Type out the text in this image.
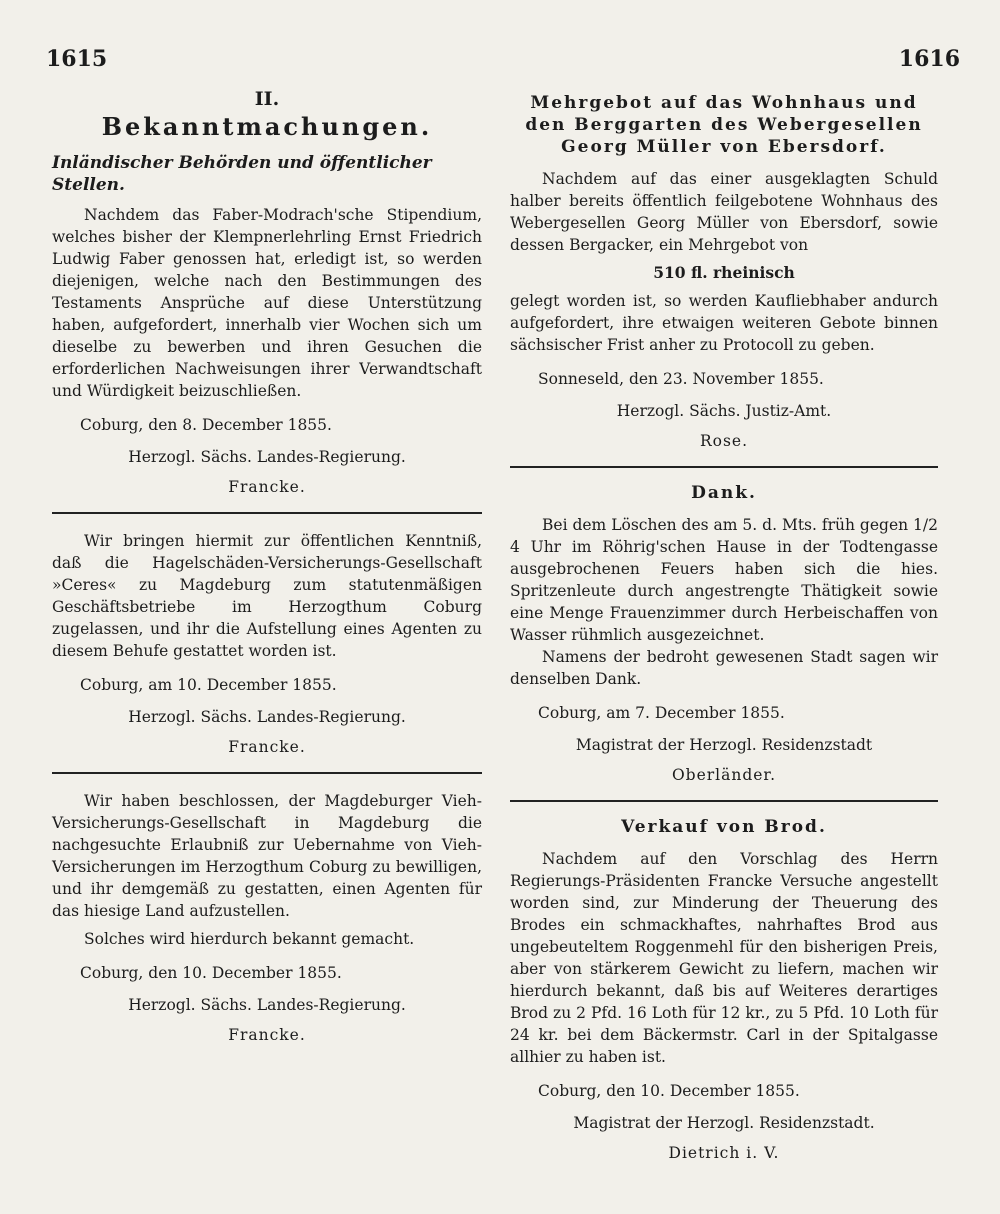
1615	1616
II.
Bekanntmachungen.
Inländischer Behörden und öffentlicher Stellen.

Nachdem das Faber-Modrach'sche Stipendium, welches bisher der Klempnerlehrling Ernst Friedrich Ludwig Faber genossen hat, erledigt ist, so werden diejenigen, welche nach den Bestimmungen des Testaments Ansprüche auf diese Unterstützung haben, aufgefordert, innerhalb vier Wochen sich um dieselbe zu bewerben und ihren Gesuchen die erforderlichen Nachweisungen ihrer Verwandtschaft und Würdigkeit beizuschließen.

Coburg, den 8. December 1855.

Herzogl. Sächs. Landes-Regierung.

Francke.

Wir bringen hiermit zur öffentlichen Kenntniß, daß die Hagelschäden-Versicherungs-Gesellschaft »Ceres« zu Magdeburg zum statutenmäßigen Geschäftsbetriebe im Herzogthum Coburg zugelassen, und ihr die Aufstellung eines Agenten zu diesem Behufe gestattet worden ist.

Coburg, am 10. December 1855.

Herzogl. Sächs. Landes-Regierung.

Francke.

Wir haben beschlossen, der Magdeburger Vieh-Versicherungs-Gesellschaft in Magdeburg die nachgesuchte Erlaubniß zur Uebernahme von Vieh-Versicherungen im Herzogthum Coburg zu bewilligen, und ihr demgemäß zu gestatten, einen Agenten für das hiesige Land aufzustellen.

Solches wird hierdurch bekannt gemacht.

Coburg, den 10. December 1855.

Herzogl. Sächs. Landes-Regierung.

Francke.

Mehrgebot auf das Wohnhaus und den Berggarten des Webergesellen Georg Müller von Ebersdorf.

Nachdem auf das einer ausgeklagten Schuld halber bereits öffentlich feilgebotene Wohnhaus des Webergesellen Georg Müller von Ebersdorf, sowie dessen Bergacker, ein Mehrgebot von

510 fl. rheinisch

gelegt worden ist, so werden Kaufliebhaber andurch aufgefordert, ihre etwaigen weiteren Gebote binnen sächsischer Frist anher zu Protocoll zu geben.

Sonneseld, den 23. November 1855.

Herzogl. Sächs. Justiz-Amt.

Rose.

Dank.

Bei dem Löschen des am 5. d. Mts. früh gegen 1/2 4 Uhr im Röhrig'schen Hause in der Todtengasse ausgebrochenen Feuers haben sich die hies. Spritzenleute durch angestrengte Thätigkeit sowie eine Menge Frauenzimmer durch Herbeischaffen von Wasser rühmlich ausgezeichnet.

Namens der bedroht gewesenen Stadt sagen wir denselben Dank.

Coburg, am 7. December 1855.

Magistrat der Herzogl. Residenzstadt

Oberländer.

Verkauf von Brod.

Nachdem auf den Vorschlag des Herrn Regierungs-Präsidenten Francke Versuche angestellt worden sind, zur Minderung der Theuerung des Brodes ein schmackhaftes, nahrhaftes Brod aus ungebeuteltem Roggenmehl für den bisherigen Preis, aber von stärkerem Gewicht zu liefern, machen wir hierdurch bekannt, daß bis auf Weiteres derartiges Brod zu 2 Pfd. 16 Loth für 12 kr., zu 5 Pfd. 10 Loth für 24 kr. bei dem Bäckermstr. Carl in der Spitalgasse allhier zu haben ist.

Coburg, den 10. December 1855.

Magistrat der Herzogl. Residenzstadt.

Dietrich i. V.
